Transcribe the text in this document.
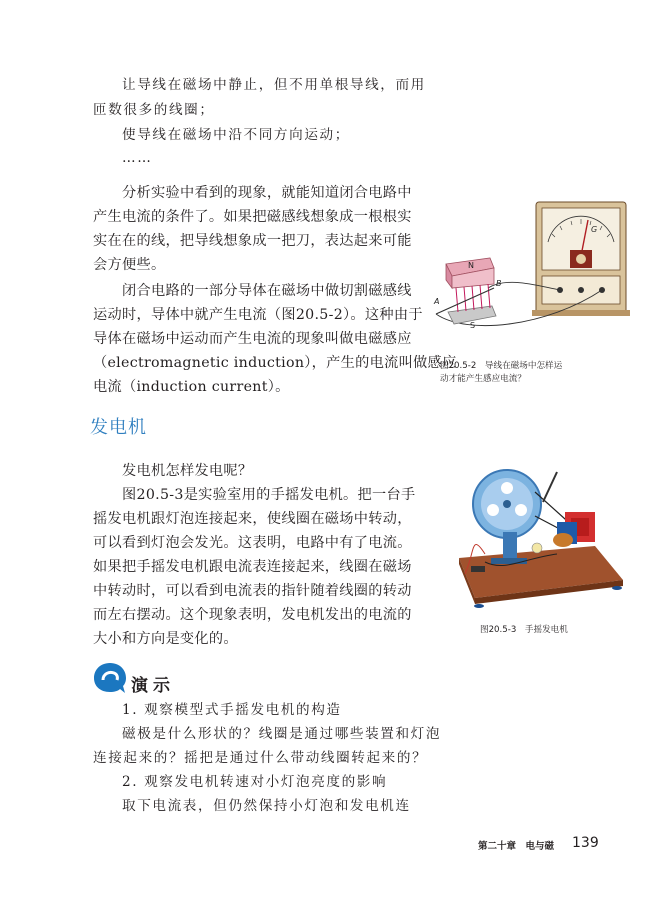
让导线在磁场中静止，但不用单根导线，而用

匝数很多的线圈；

使导线在磁场中沿不同方向运动；

……

分析实验中看到的现象，就能知道闭合电路中

产生电流的条件了。如果把磁感线想象成一根根实

实在在的线，把导线想象成一把刀，表达起来可能

会方便些。

闭合电路的一部分导体在磁场中做切割磁感线

运动时，导体中就产生电流（图20.5-2）。这种由于

导体在磁场中运动而产生电流的现象叫做电磁感应

（electromagnetic induction），产生的电流叫做感应

电流（induction current）。

G
N
S
A
B
图20.5-2　导线在磁场中怎样运
动才能产生感应电流？
发电机

发电机怎样发电呢？

图20.5-3是实验室用的手摇发电机。把一台手

摇发电机跟灯泡连接起来，使线圈在磁场中转动，

可以看到灯泡会发光。这表明，电路中有了电流。

如果把手摇发电机跟电流表连接起来，线圈在磁场

中转动时，可以看到电流表的指针随着线圈的转动

而左右摆动。这个现象表明，发电机发出的电流的

大小和方向是变化的。

图20.5-3　手摇发电机
演示

1. 观察模型式手摇发电机的构造

磁极是什么形状的？线圈是通过哪些装置和灯泡

连接起来的？摇把是通过什么带动线圈转起来的？

2. 观察发电机转速对小灯泡亮度的影响

取下电流表，但仍然保持小灯泡和发电机连

第二十章　电与磁 139
